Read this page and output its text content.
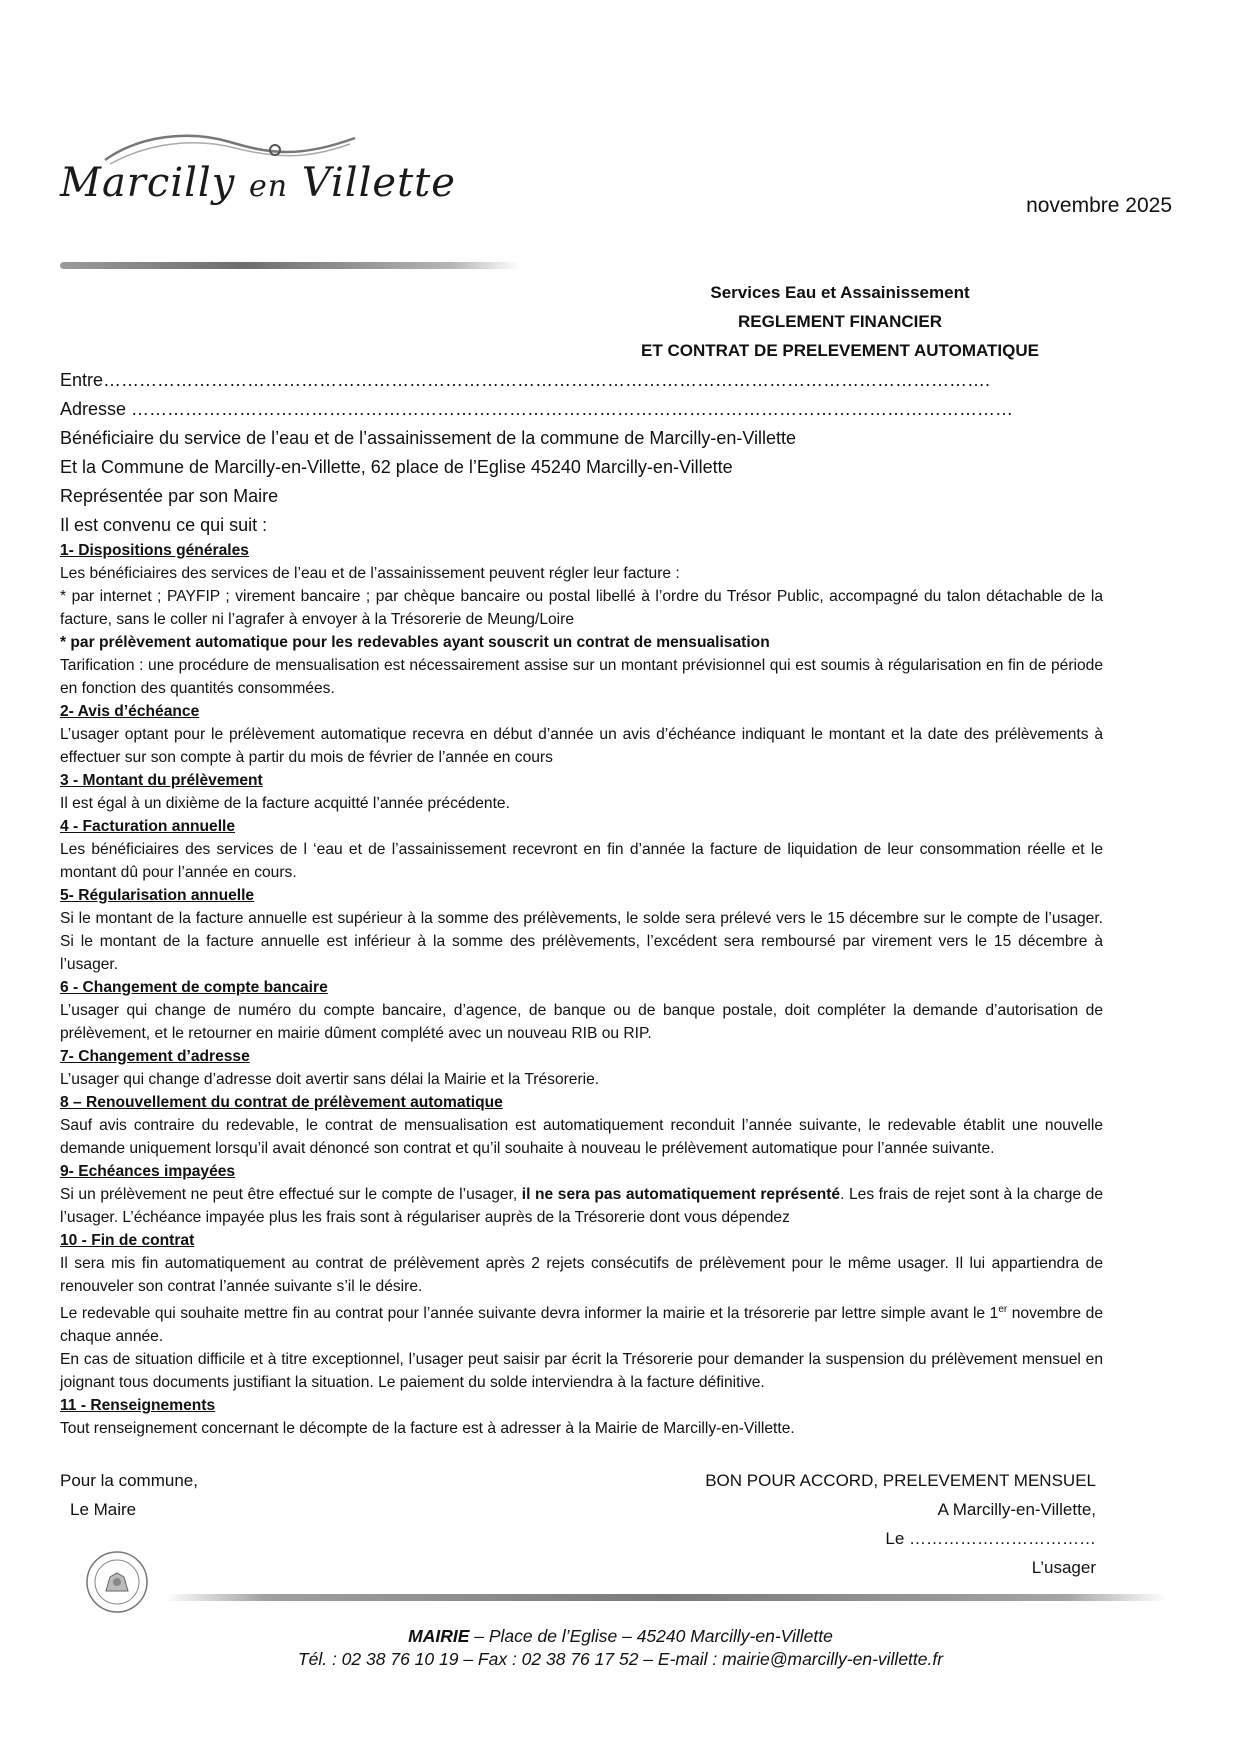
Marcilly en Villette	novembre 2025
Services Eau et Assainissement
REGLEMENT FINANCIER
ET CONTRAT DE PRELEVEMENT AUTOMATIQUE
Entre………………………………………………………………………………………………………………………………….
Adresse …………………………………………………………………………………………………………………………………
Bénéficiaire du service de l’eau et de l’assainissement de la commune de Marcilly-en-Villette
Et la Commune de Marcilly-en-Villette, 62 place de l’Eglise 45240 Marcilly-en-Villette
Représentée par son Maire
Il est convenu ce qui suit :

1- Dispositions générales

Les bénéficiaires des services de l’eau et de l’assainissement peuvent régler leur facture :

* par internet ; PAYFIP ; virement bancaire ; par chèque bancaire ou postal libellé à l’ordre du Trésor Public, accompagné du talon détachable de la facture, sans le coller ni l’agrafer à envoyer à la Trésorerie de Meung/Loire

* par prélèvement automatique pour les redevables ayant souscrit un contrat de mensualisation

Tarification : une procédure de mensualisation est nécessairement assise sur un montant prévisionnel qui est soumis à régularisation en fin de période en fonction des quantités consommées.

2- Avis d’échéance

L’usager optant pour le prélèvement automatique recevra en début d’année un avis d’échéance indiquant le montant et la date des prélèvements à effectuer sur son compte à partir du mois de février de l’année en cours

3 - Montant du prélèvement

Il est égal à un dixième de la facture acquitté l’année précédente.

4 - Facturation annuelle

Les bénéficiaires des services de l ‘eau et de l’assainissement recevront en fin d’année la facture de liquidation de leur consommation réelle et le montant dû pour l’année en cours.

5- Régularisation annuelle

Si le montant de la facture annuelle est supérieur à la somme des prélèvements, le solde sera prélevé vers le 15 décembre sur le compte de l’usager. Si le montant de la facture annuelle est inférieur à la somme des prélèvements, l’excédent sera remboursé par virement vers le 15 décembre à l’usager.

6 - Changement de compte bancaire

L’usager qui change de numéro du compte bancaire, d’agence, de banque ou de banque postale, doit compléter la demande d’autorisation de prélèvement, et le retourner en mairie dûment complété avec un nouveau RIB ou RIP.

7- Changement d’adresse

L’usager qui change d’adresse doit avertir sans délai la Mairie et la Trésorerie.

8 – Renouvellement du contrat de prélèvement automatique

Sauf avis contraire du redevable, le contrat de mensualisation est automatiquement reconduit l’année suivante, le redevable établit une nouvelle demande uniquement lorsqu’il avait dénoncé son contrat et qu’il souhaite à nouveau le prélèvement automatique pour l’année suivante.

9- Echéances impayées

Si un prélèvement ne peut être effectué sur le compte de l’usager, il ne sera pas automatiquement représenté. Les frais de rejet sont à la charge de l’usager. L’échéance impayée plus les frais sont à régulariser auprès de la Trésorerie dont vous dépendez

10 - Fin de contrat

Il sera mis fin automatiquement au contrat de prélèvement après 2 rejets consécutifs de prélèvement pour le même usager. Il lui appartiendra de renouveler son contrat l’année suivante s’il le désire.

Le redevable qui souhaite mettre fin au contrat pour l’année suivante devra informer la mairie et la trésorerie par lettre simple avant le 1er novembre de chaque année.

En cas de situation difficile et à titre exceptionnel, l’usager peut saisir par écrit la Trésorerie pour demander la suspension du prélèvement mensuel en joignant tous documents justifiant la situation. Le paiement du solde interviendra à la facture définitive.

11 - Renseignements

Tout renseignement concernant le décompte de la facture est à adresser à la Mairie de Marcilly-en-Villette.

Pour la commune,
Le Maire
BON POUR ACCORD, PRELEVEMENT MENSUEL
A Marcilly-en-Villette,
Le ……………………………
L’usager
MAIRIE – Place de l’Eglise – 45240 Marcilly-en-Villette
Tél. : 02 38 76 10 19 – Fax : 02 38 76 17 52 – E-mail : mairie@marcilly-en-villette.fr
